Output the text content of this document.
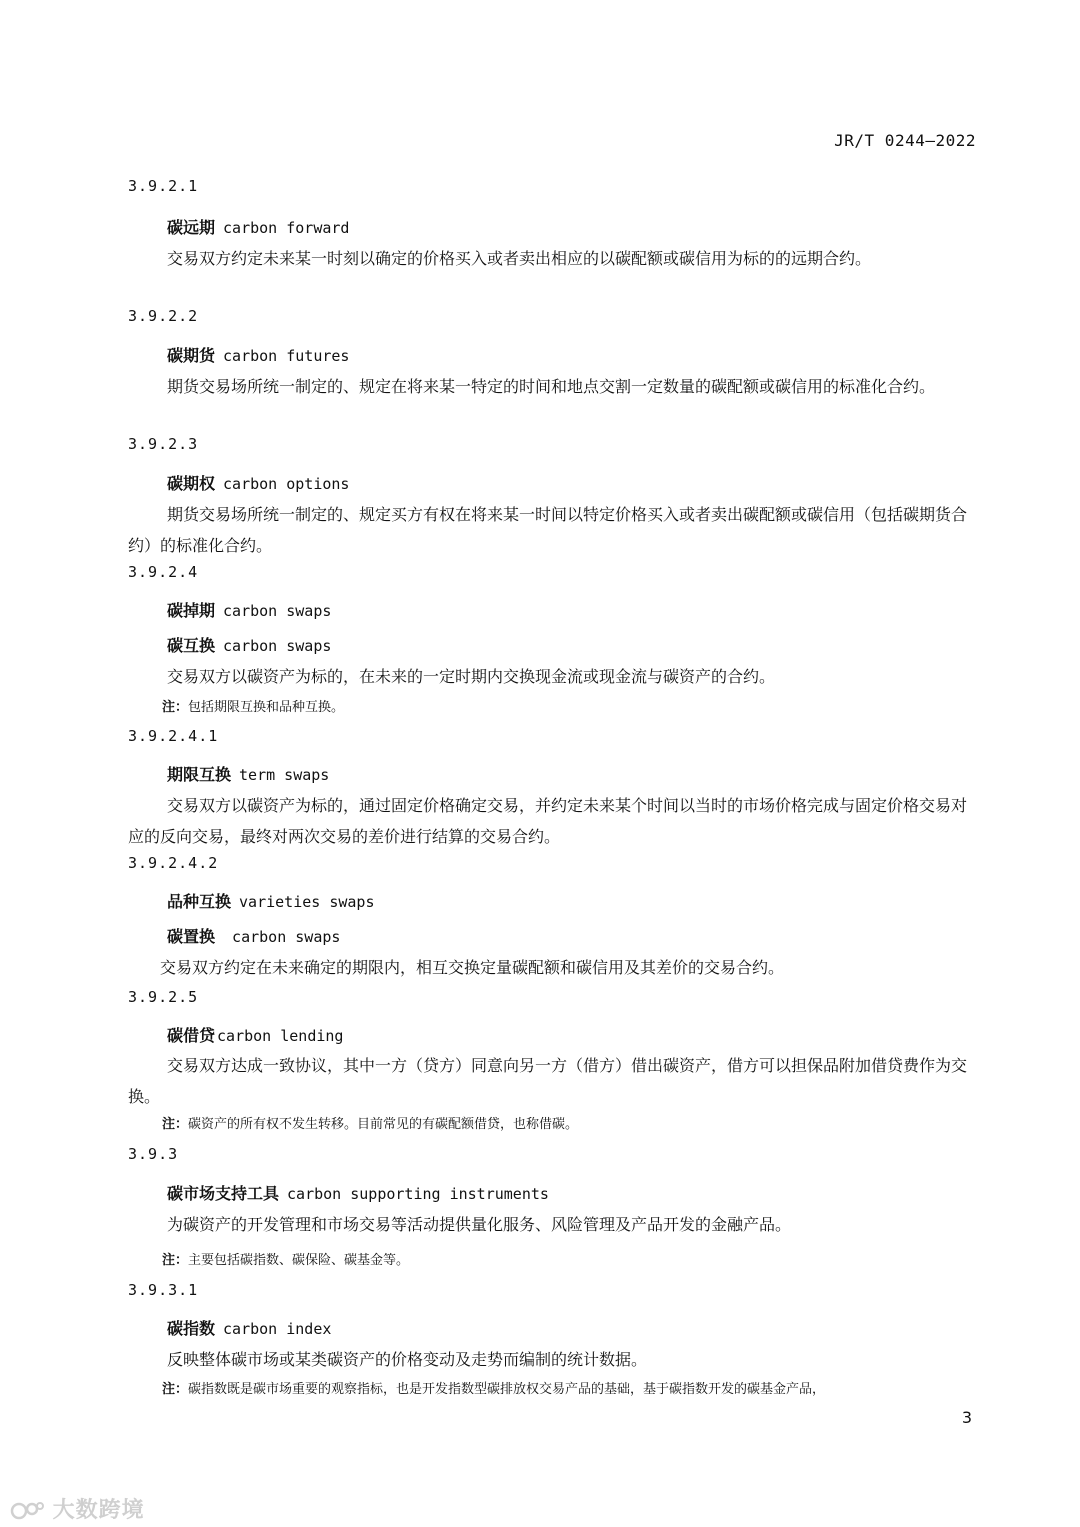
JR/T 0244—2022
3.9.2.1
碳远期 carbon forward
交易双方约定未来某一时刻以确定的价格买入或者卖出相应的以碳配额或碳信用为标的的远期合约。
3.9.2.2
碳期货 carbon futures
期货交易场所统一制定的、规定在将来某一特定的时间和地点交割一定数量的碳配额或碳信用的标准化合约。
3.9.2.3
碳期权 carbon options
期货交易场所统一制定的、规定买方有权在将来某一时间以特定价格买入或者卖出碳配额或碳信用（包括碳期货合约）的标准化合约。
3.9.2.4
碳掉期 carbon swaps
碳互换 carbon swaps
交易双方以碳资产为标的，在未来的一定时期内交换现金流或现金流与碳资产的合约。
注：包括期限互换和品种互换。
3.9.2.4.1
期限互换 term swaps
交易双方以碳资产为标的，通过固定价格确定交易，并约定未来某个时间以当时的市场价格完成与固定价格交易对应的反向交易，最终对两次交易的差价进行结算的交易合约。
3.9.2.4.2
品种互换 varieties swaps
碳置换 carbon swaps
交易双方约定在未来确定的期限内，相互交换定量碳配额和碳信用及其差价的交易合约。
3.9.2.5
碳借贷 carbon lending
交易双方达成一致协议，其中一方（贷方）同意向另一方（借方）借出碳资产，借方可以担保品附加借贷费作为交换。
注：碳资产的所有权不发生转移。目前常见的有碳配额借贷，也称借碳。
3.9.3
碳市场支持工具 carbon supporting instruments
为碳资产的开发管理和市场交易等活动提供量化服务、风险管理及产品开发的金融产品。
注：主要包括碳指数、碳保险、碳基金等。
3.9.3.1
碳指数 carbon index
反映整体碳市场或某类碳资产的价格变动及走势而编制的统计数据。
注：碳指数既是碳市场重要的观察指标，也是开发指数型碳排放权交易产品的基础，基于碳指数开发的碳基金产品，
3
大数跨境
